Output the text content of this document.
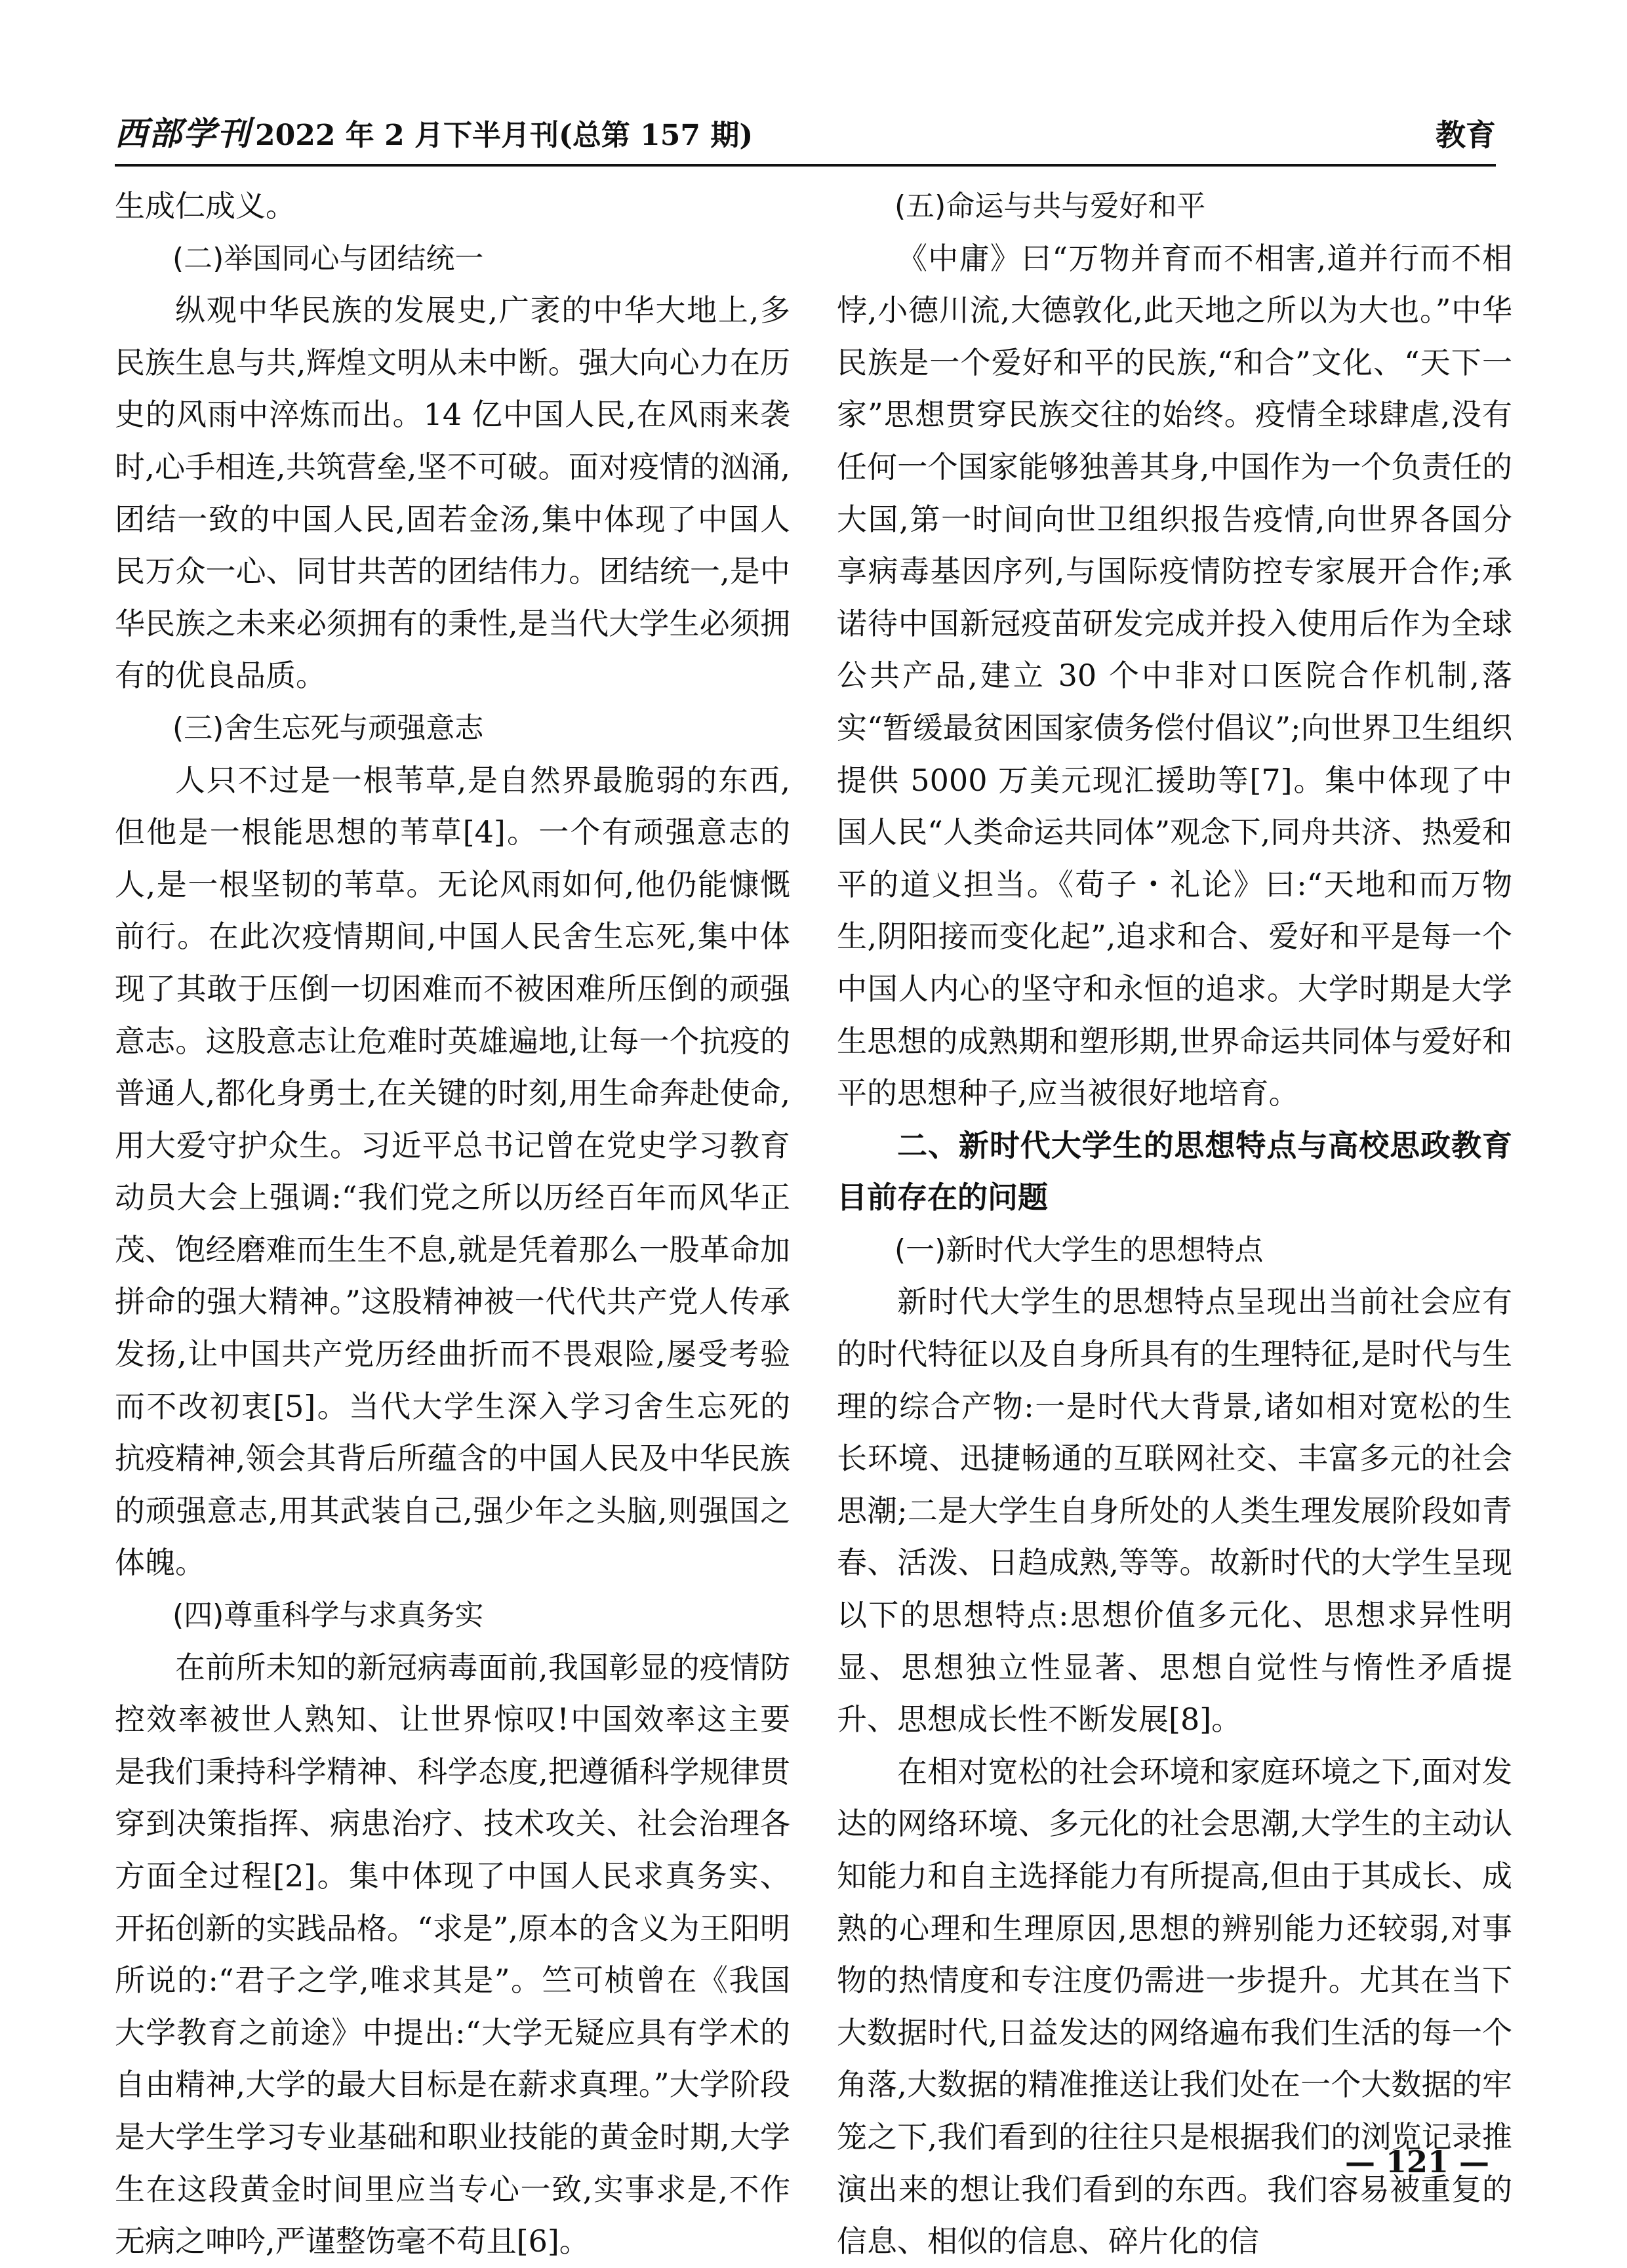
西部学刊 2022 年 2 月下半月刊(总第 157 期)	教育

生成仁成义。

(二)举国同心与团结统一

纵观中华民族的发展史,广袤的中华大地上,多民族生息与共,辉煌文明从未中断。强大向心力在历史的风雨中淬炼而出。14 亿中国人民,在风雨来袭时,心手相连,共筑营垒,坚不可破。面对疫情的汹涌,团结一致的中国人民,固若金汤,集中体现了中国人民万众一心、同甘共苦的团结伟力。团结统一,是中华民族之未来必须拥有的秉性,是当代大学生必须拥有的优良品质。

(三)舍生忘死与顽强意志

人只不过是一根苇草,是自然界最脆弱的东西,但他是一根能思想的苇草[4]。一个有顽强意志的人,是一根坚韧的苇草。无论风雨如何,他仍能慷慨前行。在此次疫情期间,中国人民舍生忘死,集中体现了其敢于压倒一切困难而不被困难所压倒的顽强意志。这股意志让危难时英雄遍地,让每一个抗疫的普通人,都化身勇士,在关键的时刻,用生命奔赴使命,用大爱守护众生。习近平总书记曾在党史学习教育动员大会上强调:“我们党之所以历经百年而风华正茂、饱经磨难而生生不息,就是凭着那么一股革命加拼命的强大精神。”这股精神被一代代共产党人传承发扬,让中国共产党历经曲折而不畏艰险,屡受考验而不改初衷[5]。当代大学生深入学习舍生忘死的抗疫精神,领会其背后所蕴含的中国人民及中华民族的顽强意志,用其武装自己,强少年之头脑,则强国之体魄。

(四)尊重科学与求真务实

在前所未知的新冠病毒面前,我国彰显的疫情防控效率被世人熟知、让世界惊叹!中国效率这主要是我们秉持科学精神、科学态度,把遵循科学规律贯穿到决策指挥、病患治疗、技术攻关、社会治理各方面全过程[2]。集中体现了中国人民求真务实、开拓创新的实践品格。“求是”,原本的含义为王阳明所说的:“君子之学,唯求其是”。竺可桢曾在《我国大学教育之前途》中提出:“大学无疑应具有学术的自由精神,大学的最大目标是在薪求真理。”大学阶段是大学生学习专业基础和职业技能的黄金时期,大学生在这段黄金时间里应当专心一致,实事求是,不作无病之呻吟,严谨整饬毫不苟且[6]。

(五)命运与共与爱好和平

《中庸》曰“万物并育而不相害,道并行而不相悖,小德川流,大德敦化,此天地之所以为大也。”中华民族是一个爱好和平的民族,“和合”文化、“天下一家”思想贯穿民族交往的始终。疫情全球肆虐,没有任何一个国家能够独善其身,中国作为一个负责任的大国,第一时间向世卫组织报告疫情,向世界各国分享病毒基因序列,与国际疫情防控专家展开合作;承诺待中国新冠疫苗研发完成并投入使用后作为全球公共产品,建立 30 个中非对口医院合作机制,落实“暂缓最贫困国家债务偿付倡议”;向世界卫生组织提供 5000 万美元现汇援助等[7]。集中体现了中国人民“人类命运共同体”观念下,同舟共济、热爱和平的道义担当。《荀子・礼论》曰:“天地和而万物生,阴阳接而变化起”,追求和合、爱好和平是每一个中国人内心的坚守和永恒的追求。大学时期是大学生思想的成熟期和塑形期,世界命运共同体与爱好和平的思想种子,应当被很好地培育。

二、新时代大学生的思想特点与高校思政教育目前存在的问题
(一)新时代大学生的思想特点

新时代大学生的思想特点呈现出当前社会应有的时代特征以及自身所具有的生理特征,是时代与生理的综合产物:一是时代大背景,诸如相对宽松的生长环境、迅捷畅通的互联网社交、丰富多元的社会思潮;二是大学生自身所处的人类生理发展阶段如青春、活泼、日趋成熟,等等。故新时代的大学生呈现以下的思想特点:思想价值多元化、思想求异性明显、思想独立性显著、思想自觉性与惰性矛盾提升、思想成长性不断发展[8]。

在相对宽松的社会环境和家庭环境之下,面对发达的网络环境、多元化的社会思潮,大学生的主动认知能力和自主选择能力有所提高,但由于其成长、成熟的心理和生理原因,思想的辨别能力还较弱,对事物的热情度和专注度仍需进一步提升。尤其在当下大数据时代,日益发达的网络遍布我们生活的每一个角落,大数据的精准推送让我们处在一个大数据的牢笼之下,我们看到的往往只是根据我们的浏览记录推演出来的想让我们看到的东西。我们容易被重复的信息、相似的信息、碎片化的信

— 121 —
